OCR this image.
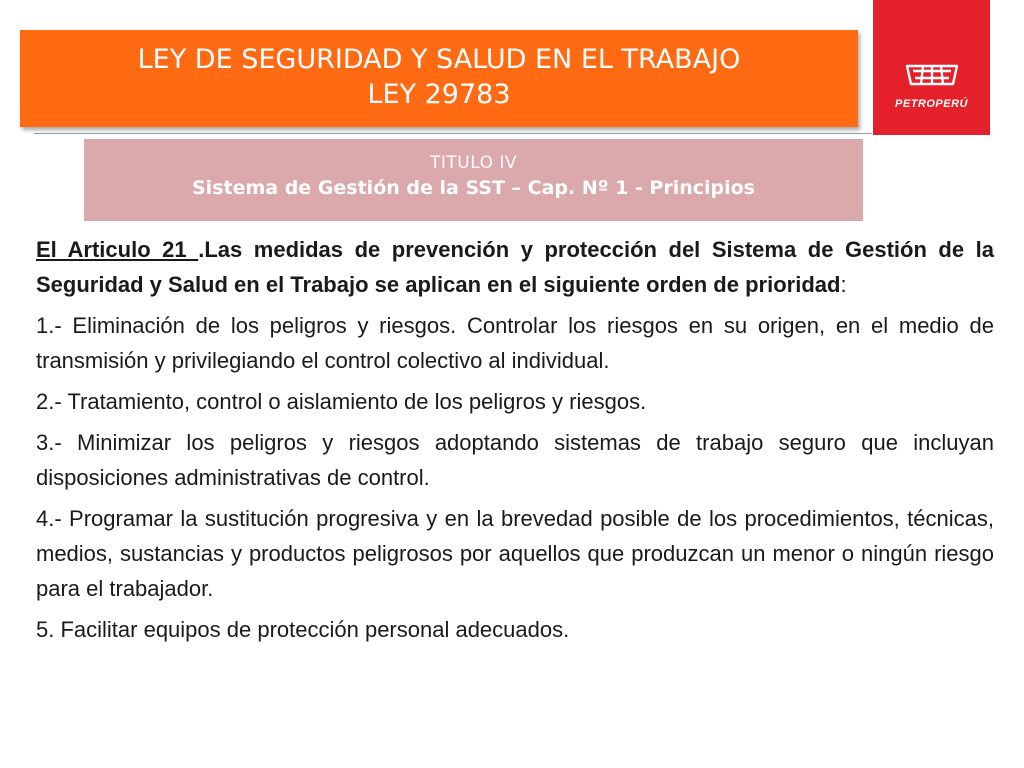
LEY DE SEGURIDAD Y SALUD EN EL TRABAJO
LEY 29783	PETROPERÚ
TITULO IV
Sistema de Gestión de la SST – Cap. Nº 1 - Principios

El Articulo 21 .Las medidas de prevención y protección del Sistema de Gestión de la Seguridad y Salud en el Trabajo se aplican en el siguiente orden de prioridad:

1.- Eliminación de los peligros y riesgos. Controlar los riesgos en su origen, en el medio de transmisión y privilegiando el control colectivo al individual.

2.- Tratamiento, control o aislamiento de los peligros y riesgos.

3.- Minimizar los peligros y riesgos adoptando sistemas de trabajo seguro que incluyan disposiciones administrativas de control.

4.- Programar la sustitución progresiva y en la brevedad posible de los procedimientos, técnicas, medios, sustancias y productos peligrosos por aquellos que produzcan un menor o ningún riesgo para el trabajador.

5. Facilitar equipos de protección personal adecuados.
